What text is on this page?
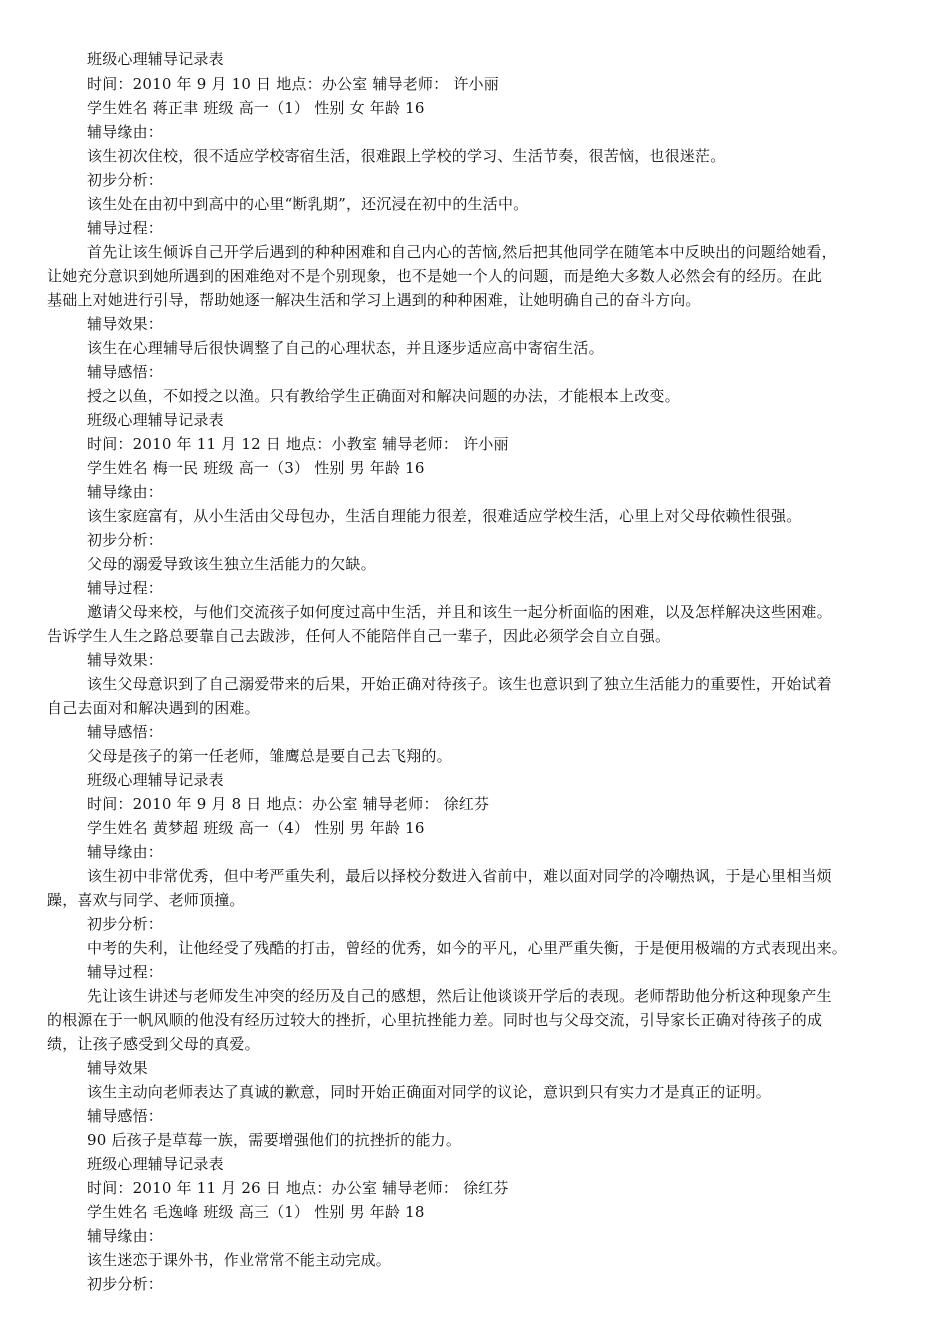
班级心理辅导记录表
时间：2010 年 9 月 10 日 地点：办公室 辅导老师： 许小丽
学生姓名 蒋正聿 班级 高一（1） 性别 女 年龄 16
辅导缘由：
该生初次住校，很不适应学校寄宿生活，很难跟上学校的学习、生活节奏，很苦恼，也很迷茫。
初步分析：
该生处在由初中到高中的心里“断乳期”，还沉浸在初中的生活中。
辅导过程：
首先让该生倾诉自己开学后遇到的种种困难和自己内心的苦恼,然后把其他同学在随笔本中反映出的问题给她看，
让她充分意识到她所遇到的困难绝对不是个别现象，也不是她一个人的问题，而是绝大多数人必然会有的经历。在此
基础上对她进行引导，帮助她逐一解决生活和学习上遇到的种种困难，让她明确自己的奋斗方向。
辅导效果：
该生在心理辅导后很快调整了自己的心理状态，并且逐步适应高中寄宿生活。
辅导感悟：
授之以鱼，不如授之以渔。只有教给学生正确面对和解决问题的办法，才能根本上改变。
班级心理辅导记录表
时间：2010 年 11 月 12 日 地点：小教室 辅导老师： 许小丽
学生姓名 梅一民 班级 高一（3） 性别 男 年龄 16
辅导缘由：
该生家庭富有，从小生活由父母包办，生活自理能力很差，很难适应学校生活，心里上对父母依赖性很强。
初步分析：
父母的溺爱导致该生独立生活能力的欠缺。
辅导过程：
邀请父母来校，与他们交流孩子如何度过高中生活，并且和该生一起分析面临的困难，以及怎样解决这些困难。
告诉学生人生之路总要靠自己去跋涉，任何人不能陪伴自己一辈子，因此必须学会自立自强。
辅导效果：
该生父母意识到了自己溺爱带来的后果，开始正确对待孩子。该生也意识到了独立生活能力的重要性，开始试着
自己去面对和解决遇到的困难。
辅导感悟：
父母是孩子的第一任老师，雏鹰总是要自己去飞翔的。
班级心理辅导记录表
时间：2010 年 9 月 8 日 地点：办公室 辅导老师： 徐红芬
学生姓名 黄梦超 班级 高一（4） 性别 男 年龄 16
辅导缘由：
该生初中非常优秀，但中考严重失利，最后以择校分数进入省前中，难以面对同学的冷嘲热讽，于是心里相当烦
躁，喜欢与同学、老师顶撞。
初步分析：
中考的失利，让他经受了残酷的打击，曾经的优秀，如今的平凡，心里严重失衡，于是便用极端的方式表现出来。
辅导过程：
先让该生讲述与老师发生冲突的经历及自己的感想，然后让他谈谈开学后的表现。老师帮助他分析这种现象产生
的根源在于一帆风顺的他没有经历过较大的挫折，心里抗挫能力差。同时也与父母交流，引导家长正确对待孩子的成
绩，让孩子感受到父母的真爱。
辅导效果
该生主动向老师表达了真诚的歉意，同时开始正确面对同学的议论，意识到只有实力才是真正的证明。
辅导感悟：
90 后孩子是草莓一族，需要增强他们的抗挫折的能力。
班级心理辅导记录表
时间：2010 年 11 月 26 日 地点：办公室 辅导老师： 徐红芬
学生姓名 毛逸峰 班级 高三（1） 性别 男 年龄 18
辅导缘由：
该生迷恋于课外书，作业常常不能主动完成。
初步分析：
